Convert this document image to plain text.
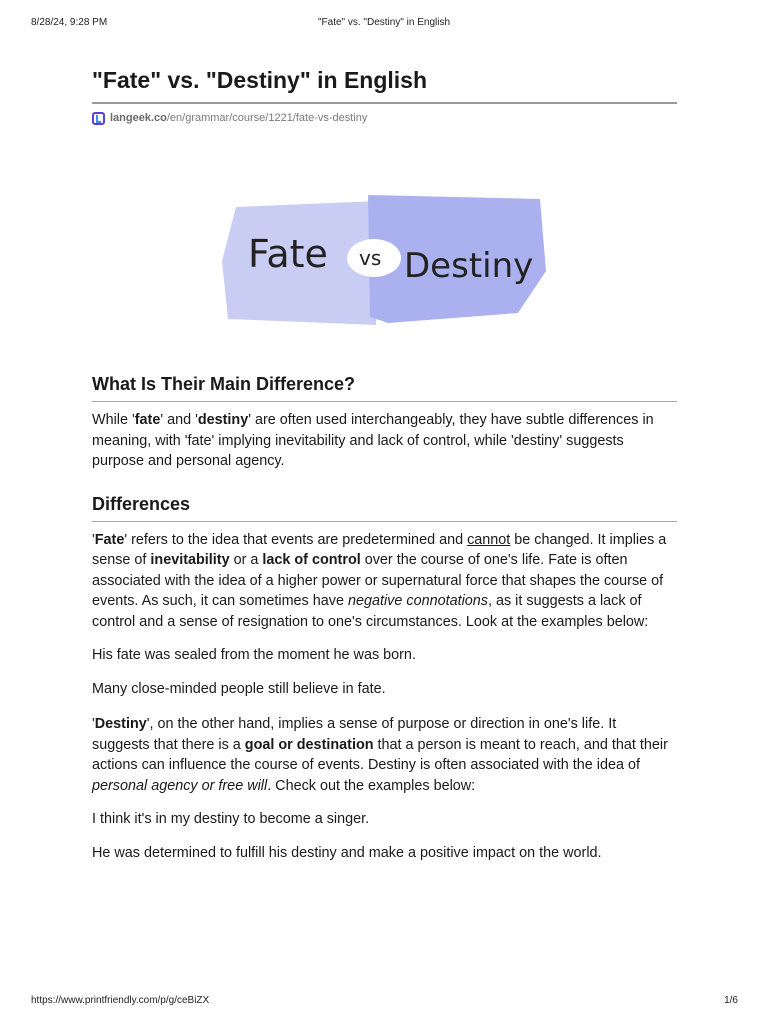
8/28/24, 9:28 PM	"Fate" vs. "Destiny" in English
"Fate" vs. "Destiny" in English
langeek.co /en/grammar/course/1221/fate-vs-destiny
Fate vs Destiny
What Is Their Main Difference?

While 'fate' and 'destiny' are often used interchangeably, they have subtle differences in meaning, with 'fate' implying inevitability and lack of control, while 'destiny' suggests purpose and personal agency.

Differences

'Fate' refers to the idea that events are predetermined and cannot be changed. It implies a sense of inevitability or a lack of control over the course of one's life. Fate is often associated with the idea of a higher power or supernatural force that shapes the course of events. As such, it can sometimes have negative connotations, as it suggests a lack of control and a sense of resignation to one's circumstances. Look at the examples below:

His fate was sealed from the moment he was born.

Many close-minded people still believe in fate.

'Destiny', on the other hand, implies a sense of purpose or direction in one's life. It suggests that there is a goal or destination that a person is meant to reach, and that their actions can influence the course of events. Destiny is often associated with the idea of personal agency or free will. Check out the examples below:

I think it's in my destiny to become a singer.

He was determined to fulfill his destiny and make a positive impact on the world.

https://www.printfriendly.com/p/g/ceBiZX	1/6
